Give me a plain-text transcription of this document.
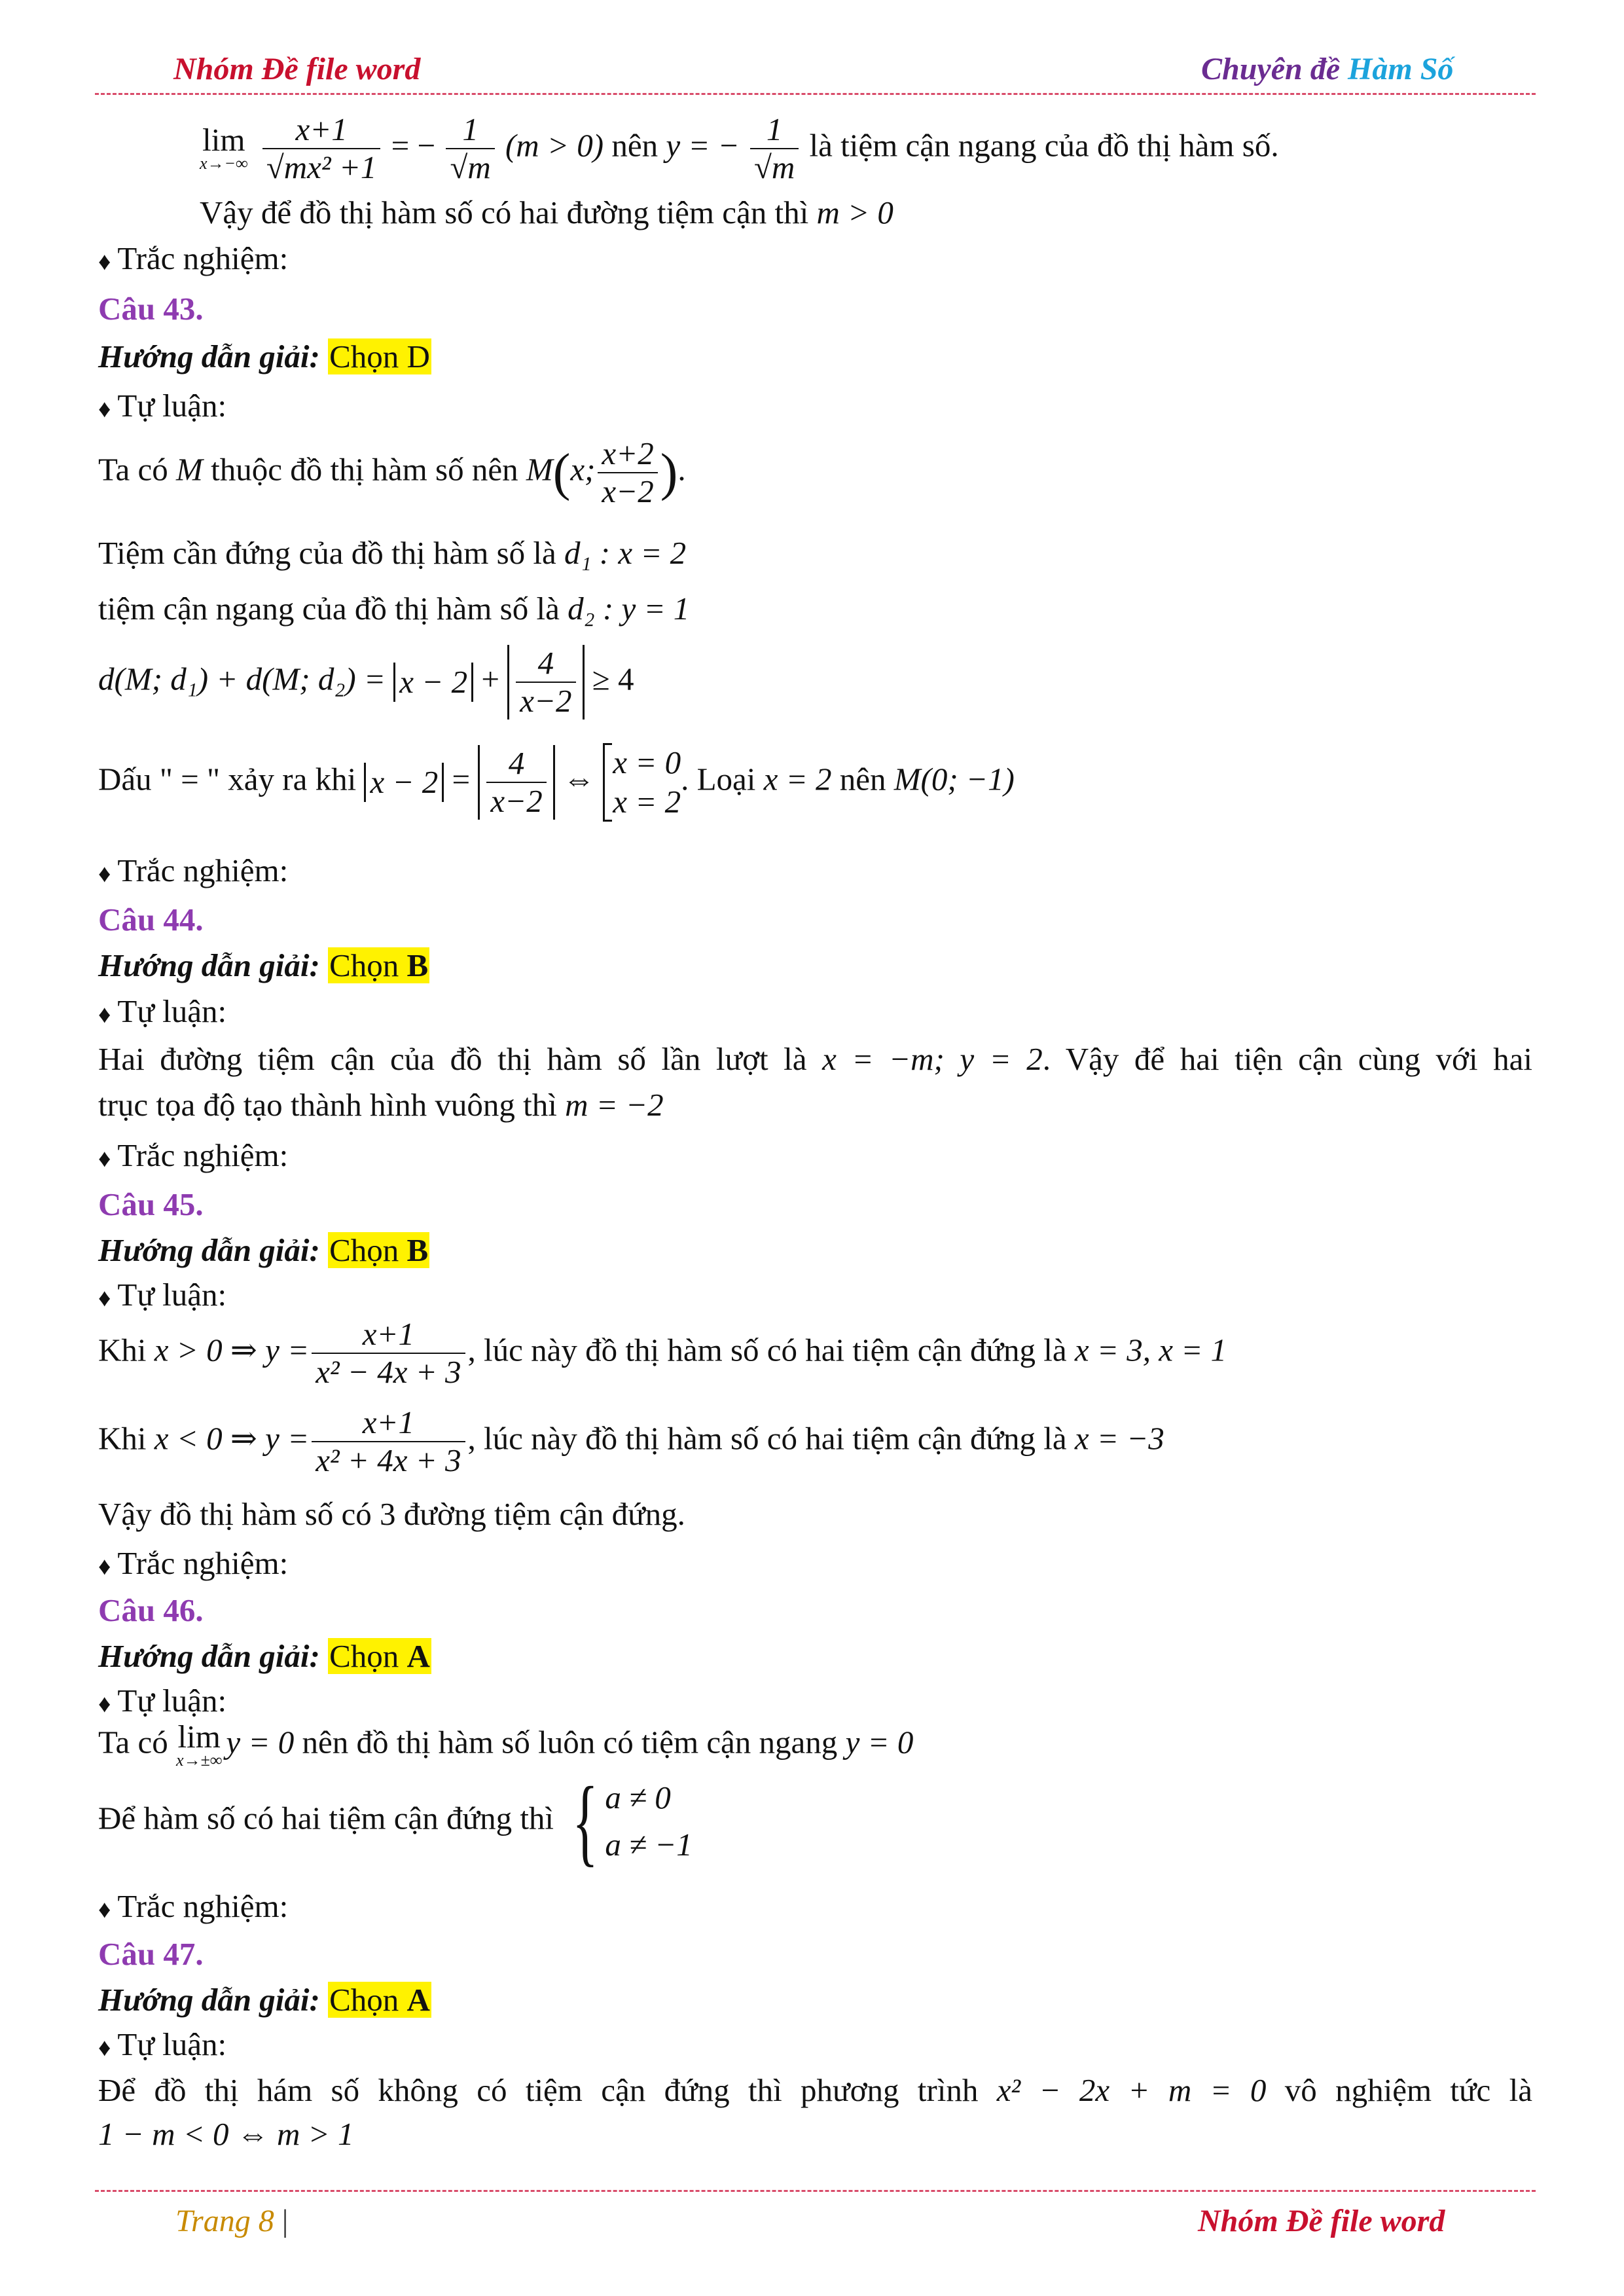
Nhóm Đề file word	Chuyên đề Hàm Số
lim
x→−∞
$\frac{x+1}{\text{√mx² +1}}$ = − $\frac{1}{√m} (m > 0)$ nên y = − $\frac{1}{√m}$ là tiệm cận ngang của đồ thị hàm số.
Vậy để đồ thị hàm số có hai đường tiệm cận thì m > 0
♦ Trắc nghiệm:
Câu 43.
Hướng dẫn giải: Chọn D
♦ Tự luận:
Ta có M thuộc đồ thị hàm số nên M(x; $\frac{x+2}{x-2}$ ).
Tiệm cần đứng của đồ thị hàm số là d₁ : x = 2
tiệm cận ngang của đồ thị hàm số là d₂ : y = 1
d(M; d₁) + d(M; $d_2) = x - 2 + \frac{4}{x-2} \ge 4$
Dấu " = " xảy ra khi $x - 2 = \frac{4}{x-2}$ ⇔ x = 0
x = 2
. Loại x = 2 nên M(0; −1)
♦ Trắc nghiệm:
Câu 44.
Hướng dẫn giải: Chọn B
♦ Tự luận:
Hai đường tiệm cận của đồ thị hàm số lần lượt là x = −m; y = 2. Vậy để hai tiện cận cùng với hai
trục tọa độ tạo thành hình vuông thì m = −2
♦ Trắc nghiệm:
Câu 45.
Hướng dẫn giải: Chọn B
♦ Tự luận:
Khi x > 0 ⇒ $y = \frac{x+1}{\text{x² − 4x + 3}}$ , lúc này đồ thị hàm số có hai tiệm cận đứng là x = 3, x = 1
Khi x < 0 ⇒ $y = \frac{x+1}{\text{x² + 4x + 3}}$ , lúc này đồ thị hàm số có hai tiệm cận đứng là x = −3
Vậy đồ thị hàm số có 3 đường tiệm cận đứng.
♦ Trắc nghiệm:
Câu 46.
Hướng dẫn giải: Chọn A
♦ Tự luận:
Ta có lim
x→±∞
y = 0 nên đồ thị hàm số luôn có tiệm cận ngang y = 0
Để hàm số có hai tiệm cận đứng thì { a ≠ 0
a ≠ −1
♦ Trắc nghiệm:
Câu 47.
Hướng dẫn giải: Chọn A
♦ Tự luận:
Để đồ thị hám số không có tiệm cận đứng thì phương trình x² − 2x + m = 0 vô nghiệm tức là
1 − m < 0 ⇔ m > 1
Trang 8 |	Nhóm Đề file word
